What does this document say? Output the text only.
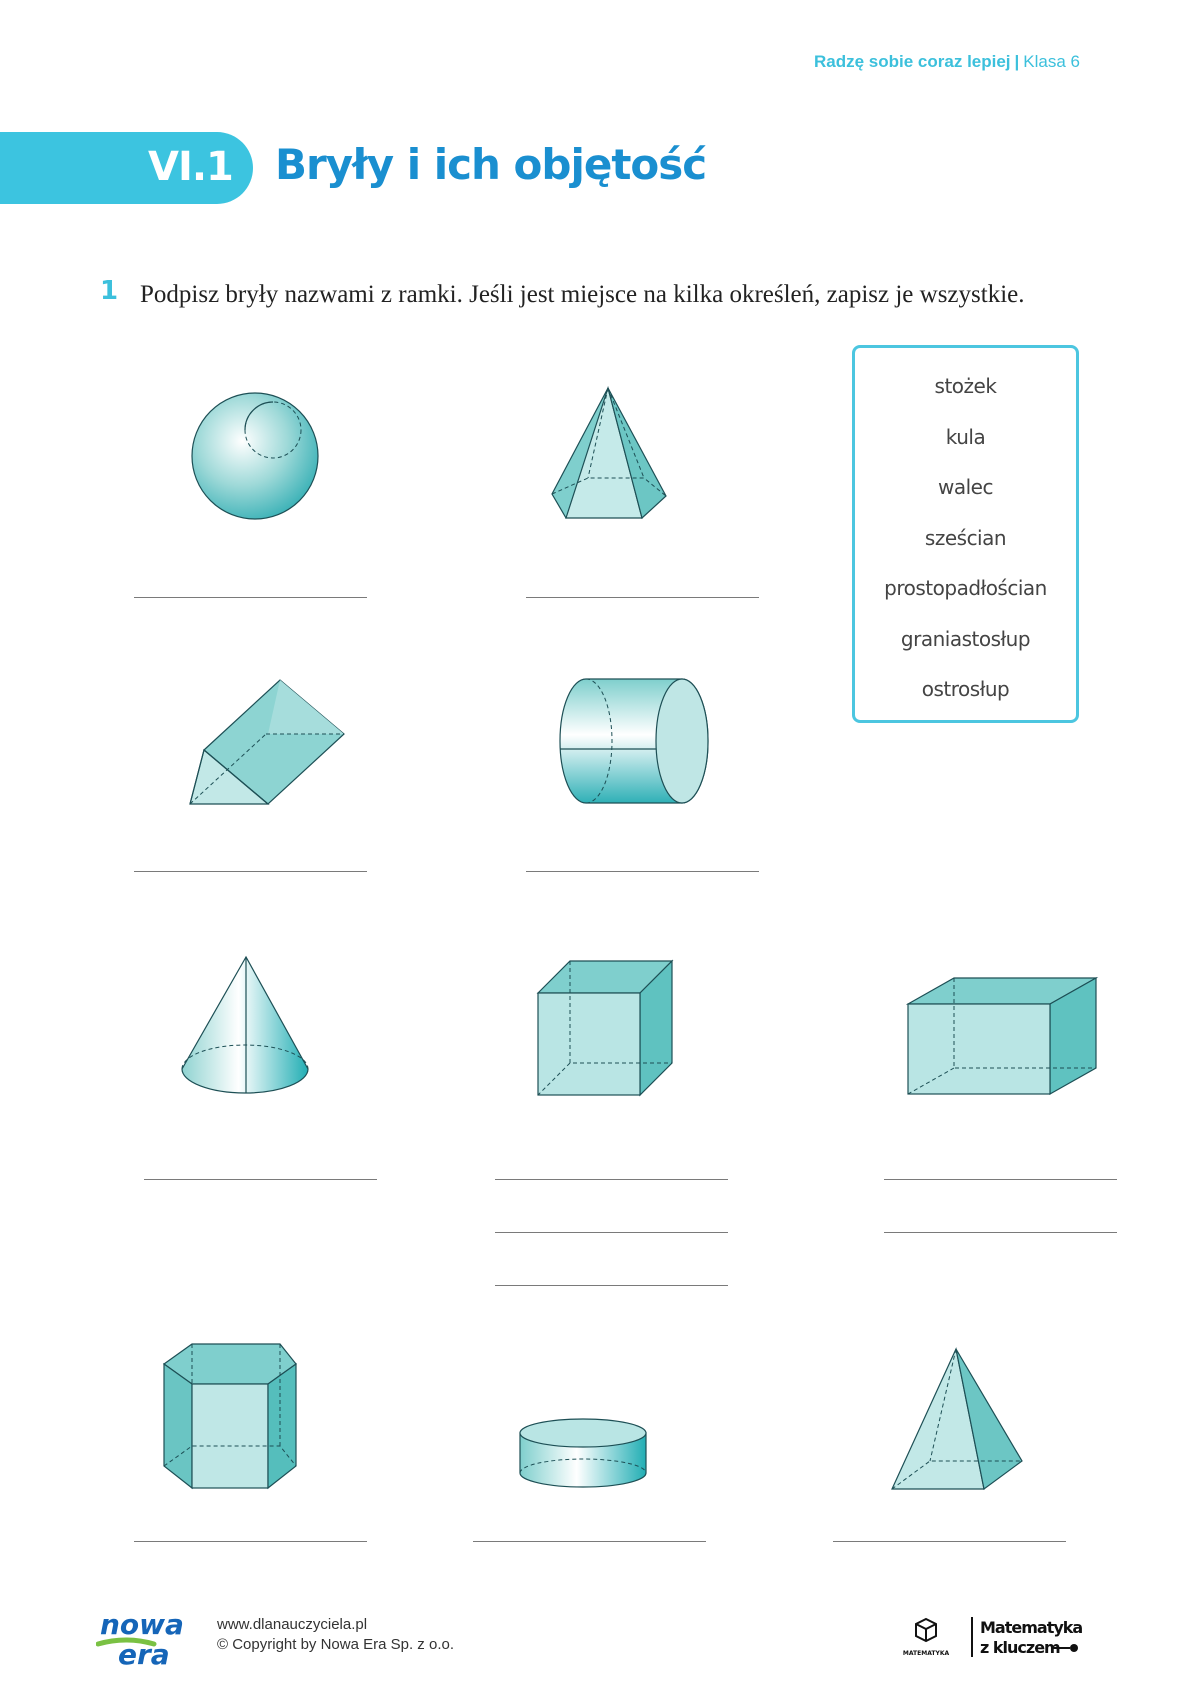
Radzę sobie coraz lepiej | Klasa 6
VI.1 Bryły i ich objętość
1 Podpisz bryły nazwami z ramki. Jeśli jest miejsce na kilka określeń, zapisz je wszystkie.
stożek
kula
walec
sześcian
prostopadłościan
graniastosłup
ostrosłup
nowa
era
www.dlanauczyciela.pl
© Copyright by Nowa Era Sp. z o.o.
MATEMATYKA
Matematyka
z kluczem
